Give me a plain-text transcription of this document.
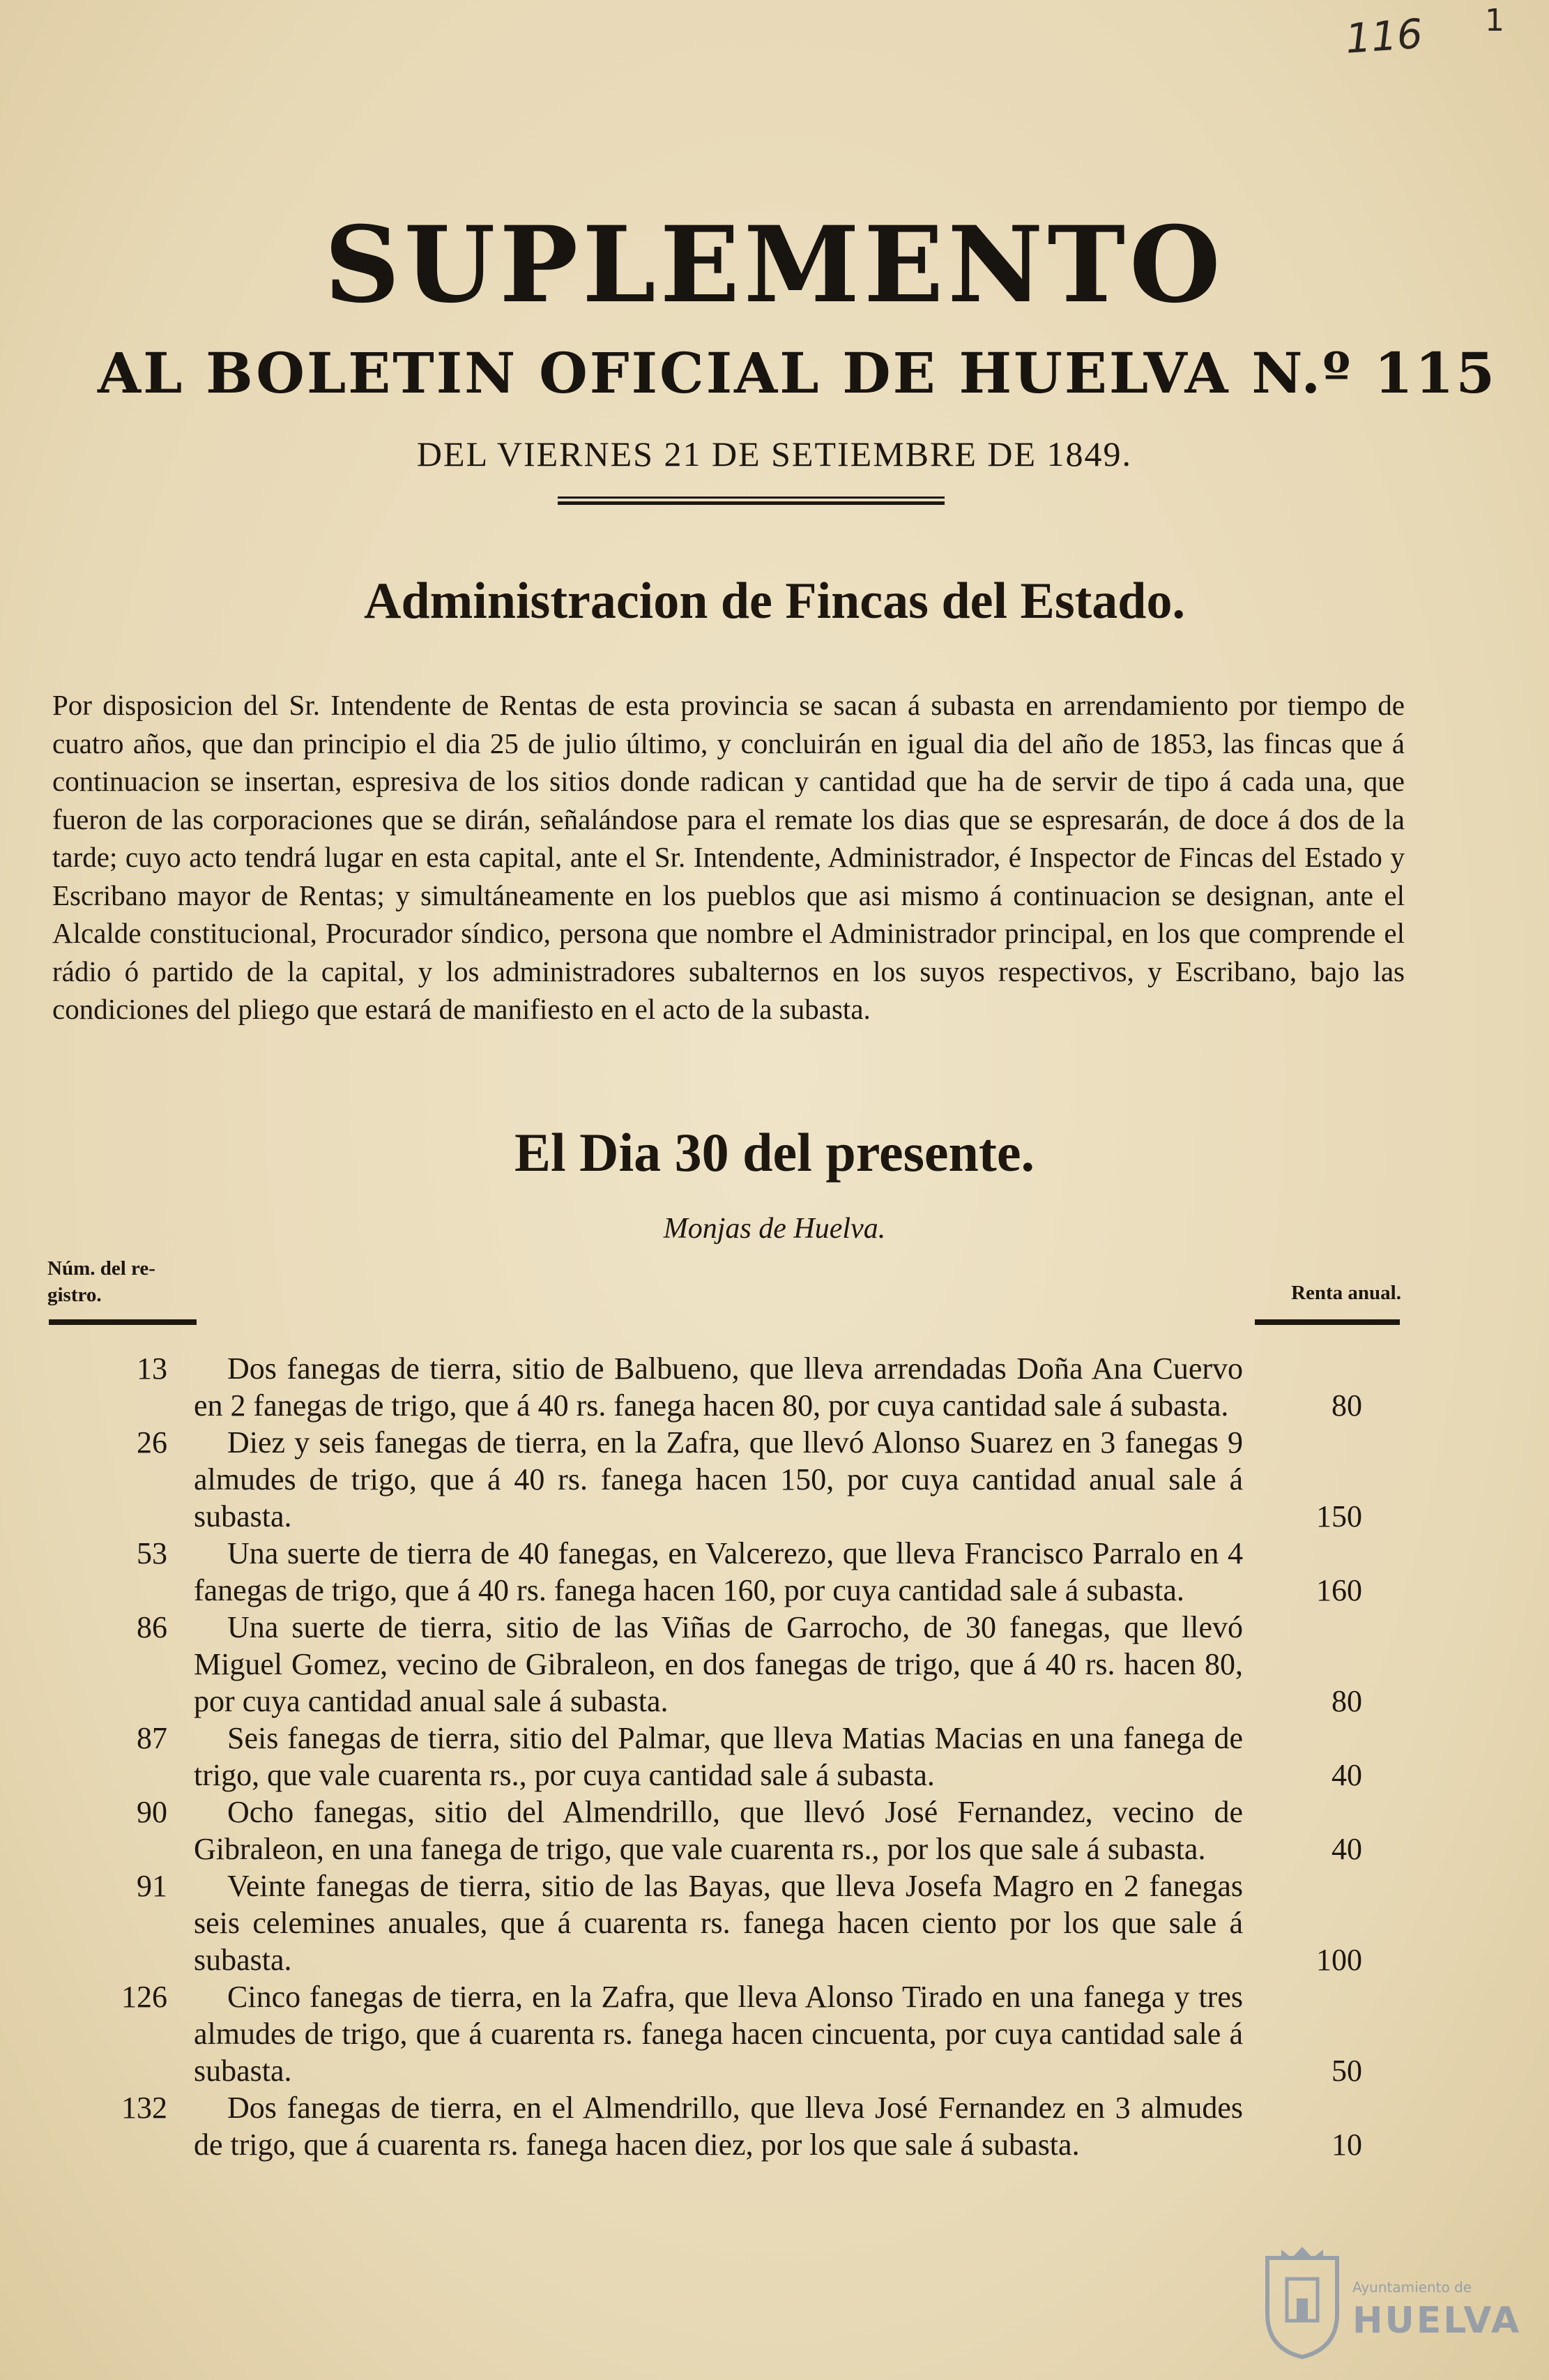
116 1
SUPLEMENTO
AL BOLETIN OFICIAL DE HUELVA N.º 115
DEL VIERNES 21 DE SETIEMBRE DE 1849.
Administracion de Fincas del Estado.
Por disposicion del Sr. Intendente de Rentas de esta provincia se sacan á subasta en arrendamiento por tiempo de cuatro años, que dan principio el dia 25 de julio último, y concluirán en igual dia del año de 1853, las fincas que á continuacion se insertan, espresiva de los sitios donde radican y cantidad que ha de servir de tipo á cada una, que fueron de las corporaciones que se dirán, señalándose para el remate los dias que se espresarán, de doce á dos de la tarde; cuyo acto tendrá lugar en esta capital, ante el Sr. Intendente, Administrador, é Inspector de Fincas del Estado y Escribano mayor de Rentas; y simultáneamente en los pueblos que asi mismo á continuacion se designan, ante el Alcalde constitucional, Procurador síndico, persona que nombre el Administrador principal, en los que comprende el rádio ó partido de la capital, y los administradores subalternos en los suyos respectivos, y Escribano, bajo las condiciones del pliego que estará de manifiesto en el acto de la subasta.
El Dia 30 del presente.
Monjas de Huelva.
Núm. del re-
gistro.	Renta anual.
13	Dos fanegas de tierra, sitio de Balbueno, que lleva arrendadas Doña Ana Cuervo en 2 fanegas de trigo, que á 40 rs. fanega hacen 80, por cuya cantidad sale á subasta.	80
26	Diez y seis fanegas de tierra, en la Zafra, que llevó Alonso Suarez en 3 fanegas 9 almudes de trigo, que á 40 rs. fanega hacen 150, por cuya cantidad anual sale á subasta.	150
53	Una suerte de tierra de 40 fanegas, en Valcerezo, que lleva Francisco Parralo en 4 fanegas de trigo, que á 40 rs. fanega hacen 160, por cuya cantidad sale á subasta.	160
86	Una suerte de tierra, sitio de las Viñas de Garrocho, de 30 fanegas, que llevó Miguel Gomez, vecino de Gibraleon, en dos fanegas de trigo, que á 40 rs. hacen 80, por cuya cantidad anual sale á subasta.	80
87	Seis fanegas de tierra, sitio del Palmar, que lleva Matias Macias en una fanega de trigo, que vale cuarenta rs., por cuya cantidad sale á subasta.	40
90	Ocho fanegas, sitio del Almendrillo, que llevó José Fernandez, vecino de Gibraleon, en una fanega de trigo, que vale cuarenta rs., por los que sale á subasta.	40
91	Veinte fanegas de tierra, sitio de las Bayas, que lleva Josefa Magro en 2 fanegas seis celemines anuales, que á cuarenta rs. fanega hacen ciento por los que sale á subasta.	100
126	Cinco fanegas de tierra, en la Zafra, que lleva Alonso Tirado en una fanega y tres almudes de trigo, que á cuarenta rs. fanega hacen cincuenta, por cuya cantidad sale á subasta.	50
132	Dos fanegas de tierra, en el Almendrillo, que lleva José Fernandez en 3 almudes de trigo, que á cuarenta rs. fanega hacen diez, por los que sale á subasta.	10
Ayuntamiento de
HUELVA
